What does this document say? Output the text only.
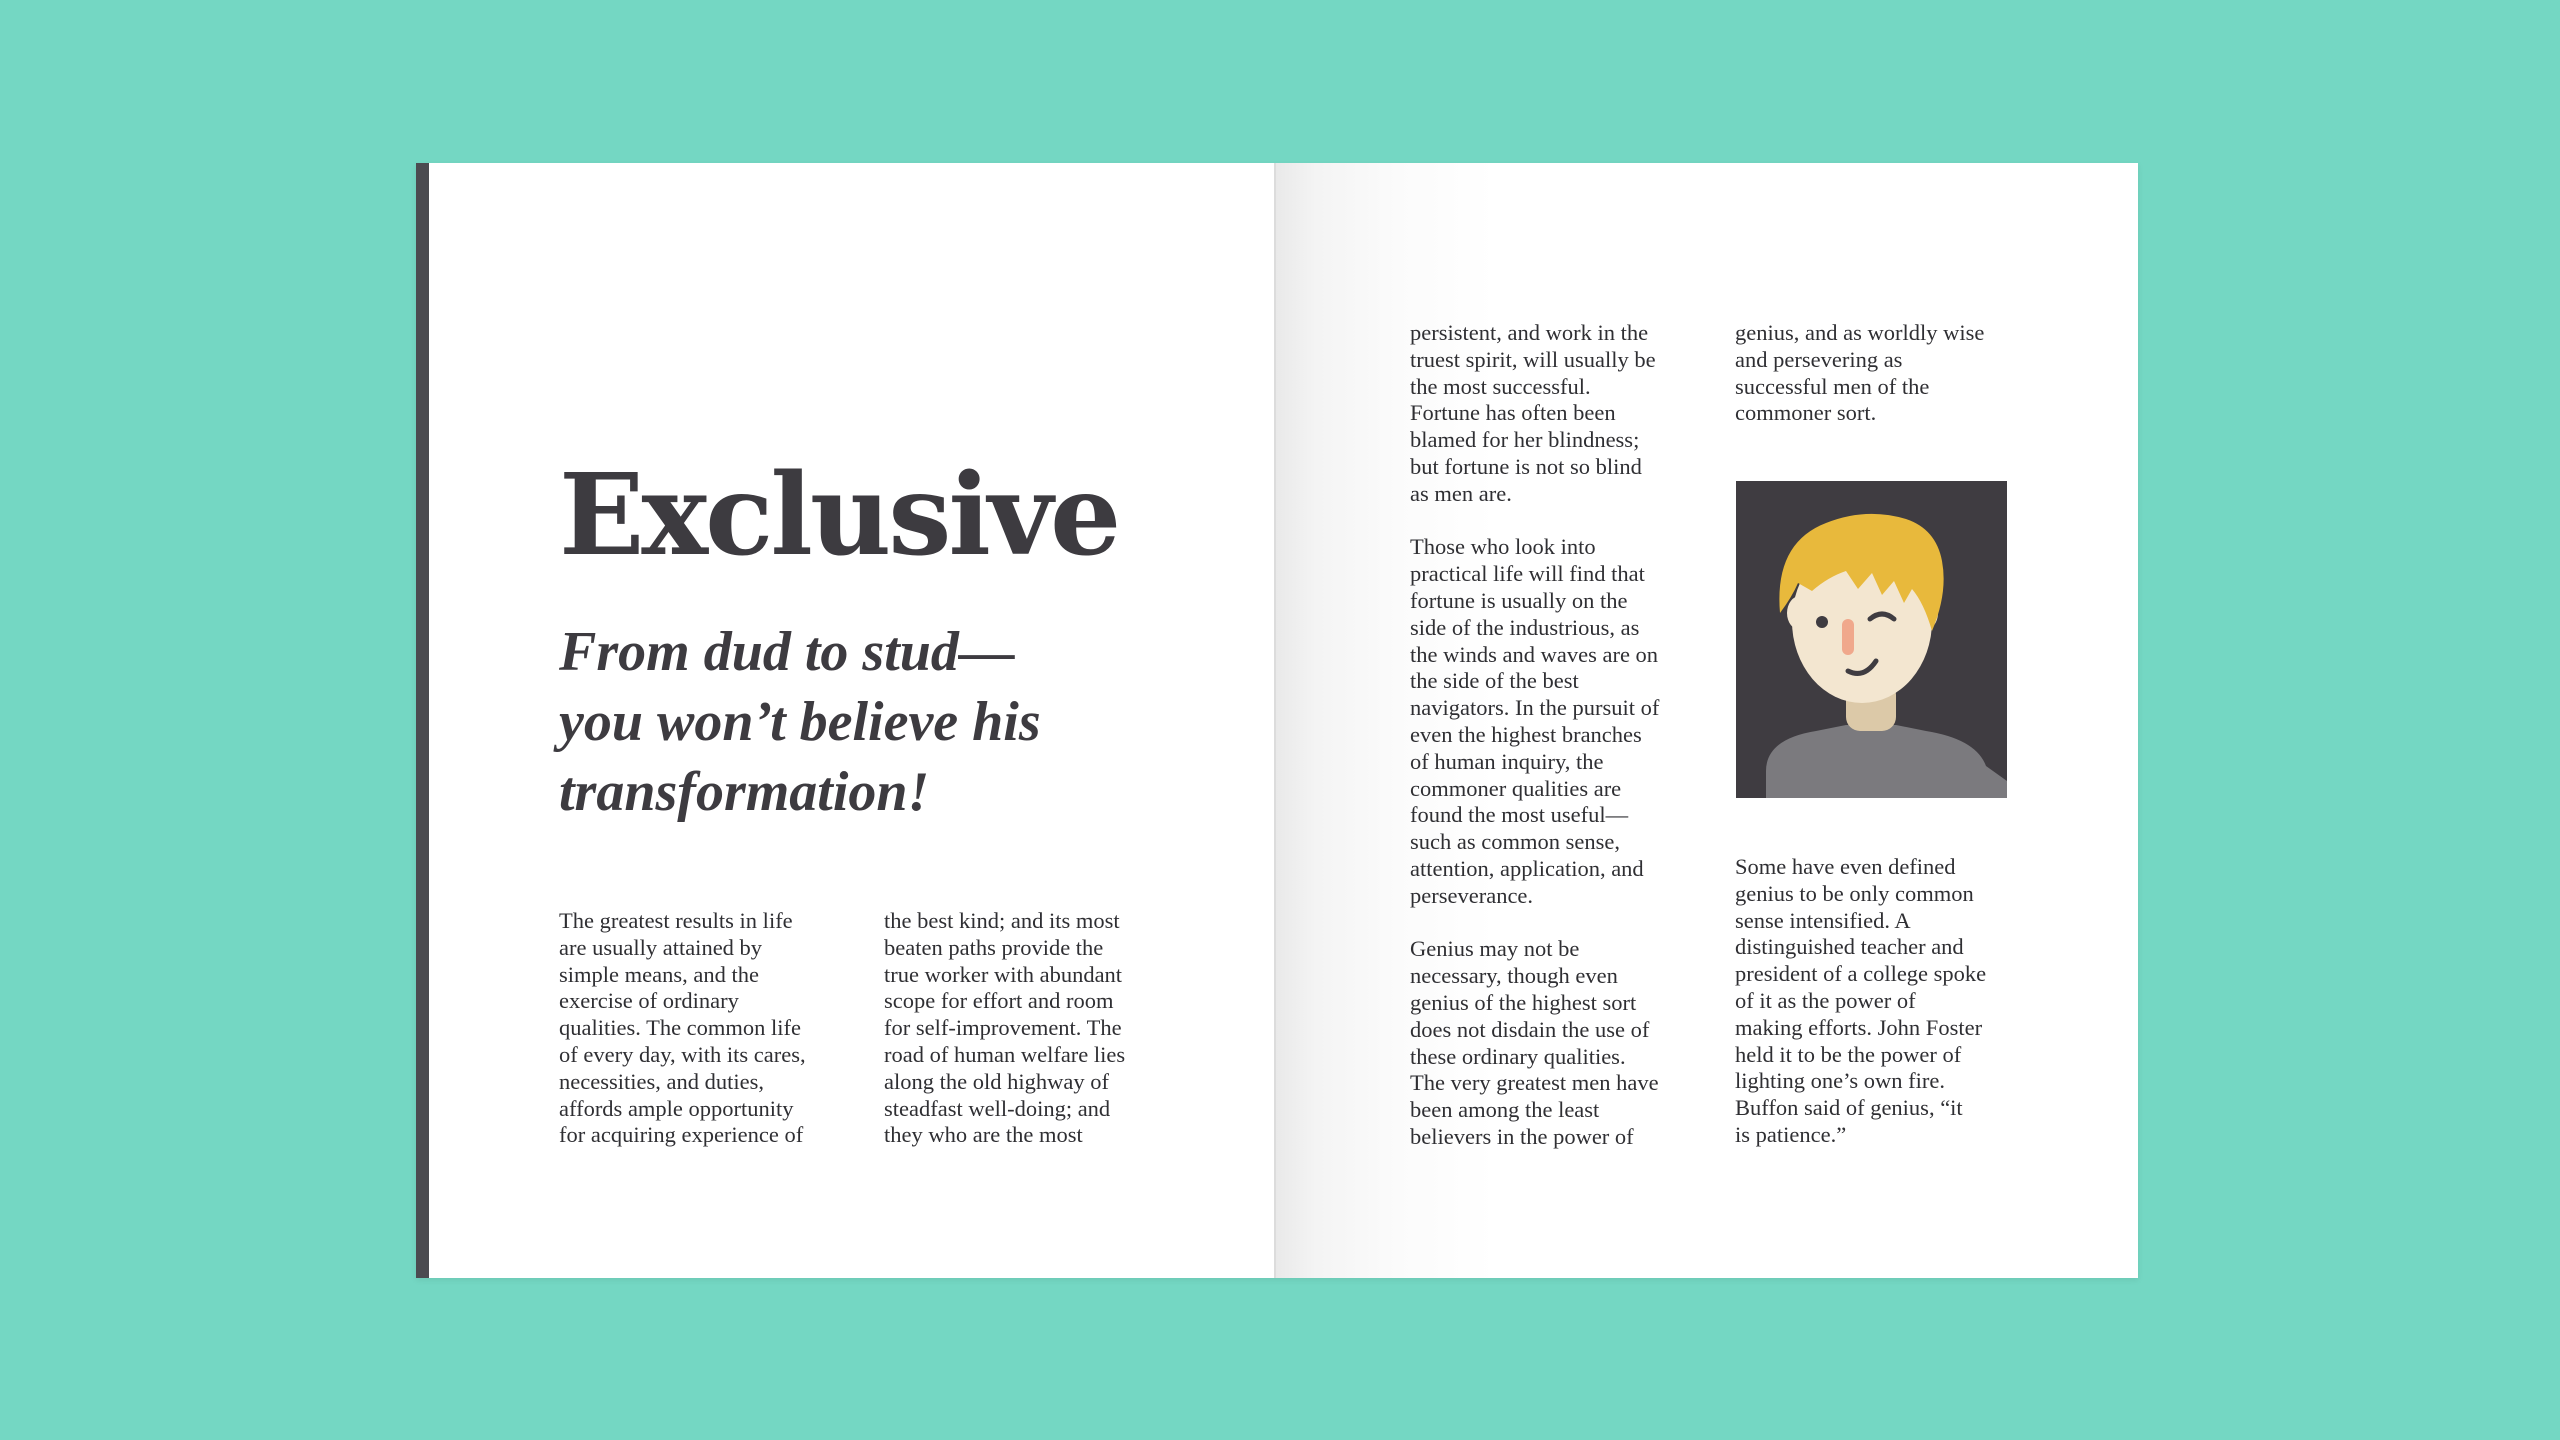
Exclusive
From dud to stud—
you won’t believe his
transformation!

The greatest results in life
are usually attained by
simple means, and the
exercise of ordinary
qualities. The common life
of every day, with its cares,
necessities, and duties,
affords ample opportunity
for acquiring experience of

the best kind; and its most
beaten paths provide the
true worker with abundant
scope for effort and room
for self-improvement. The
road of human welfare lies
along the old highway of
steadfast well-doing; and
they who are the most

persistent, and work in the
truest spirit, will usually be
the most successful.
Fortune has often been
blamed for her blindness;
but fortune is not so blind
as men are.

Those who look into
practical life will find that
fortune is usually on the
side of the industrious, as
the winds and waves are on
the side of the best
navigators. In the pursuit of
even the highest branches
of human inquiry, the
commoner qualities are
found the most useful—
such as common sense,
attention, application, and
perseverance.

Genius may not be
necessary, though even
genius of the highest sort
does not disdain the use of
these ordinary qualities.
The very greatest men have
been among the least
believers in the power of

genius, and as worldly wise
and persevering as
successful men of the
commoner sort.

Some have even defined
genius to be only common
sense intensified. A
distinguished teacher and
president of a college spoke
of it as the power of
making efforts. John Foster
held it to be the power of
lighting one’s own fire.
Buffon said of genius, “it
is patience.”
